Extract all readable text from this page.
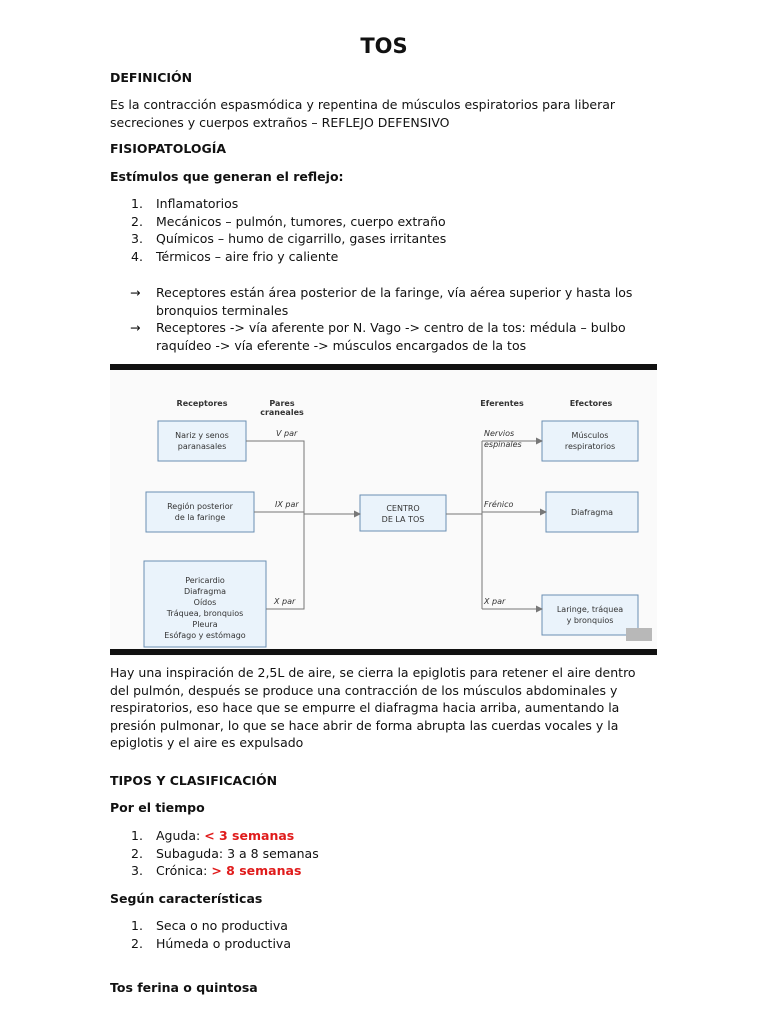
TOS
DEFINICIÓN
Es la contracción espasmódica y repentina de músculos espiratorios para liberar secreciones y cuerpos extraños – REFLEJO DEFENSIVO
FISIOPATOLOGÍA
Estímulos que generan el reflejo:
1. Inflamatorios
2. Mecánicos – pulmón, tumores, cuerpo extraño
3. Químicos – humo de cigarrillo, gases irritantes
4. Térmicos – aire frio y caliente
→ Receptores están área posterior de la faringe, vía aérea superior y hasta los bronquios terminales
→ Receptores -> vía aferente por N. Vago -> centro de la tos: médula – bulbo raquídeo -> vía eferente -> músculos encargados de la tos
Receptores	Pares
craneales
Eferentes	Efectores
Nariz y senos
paranasales
Región posterior
de la faringe
Pericardio
Diafragma
Oídos
Tráquea, bronquios
Pleura
Esófago y estómago
CENTRO
DE LA TOS
Músculos
respiratorios
Diafragma
Laringe, tráquea
y bronquios
V par
IX par
X par
Nervios
espinales
Frénico
X par
Hay una inspiración de 2,5L de aire, se cierra la epiglotis para retener el aire dentro del pulmón, después se produce una contracción de los músculos abdominales y respiratorios, eso hace que se empurre el diafragma hacia arriba, aumentando la presión pulmonar, lo que se hace abrir de forma abrupta las cuerdas vocales y la epiglotis y el aire es expulsado
TIPOS Y CLASIFICACIÓN
Por el tiempo
1. Aguda: < 3 semanas
2. Subaguda: 3 a 8 semanas
3. Crónica: > 8 semanas
Según características
1. Seca o no productiva
2. Húmeda o productiva
Tos ferina o quintosa
